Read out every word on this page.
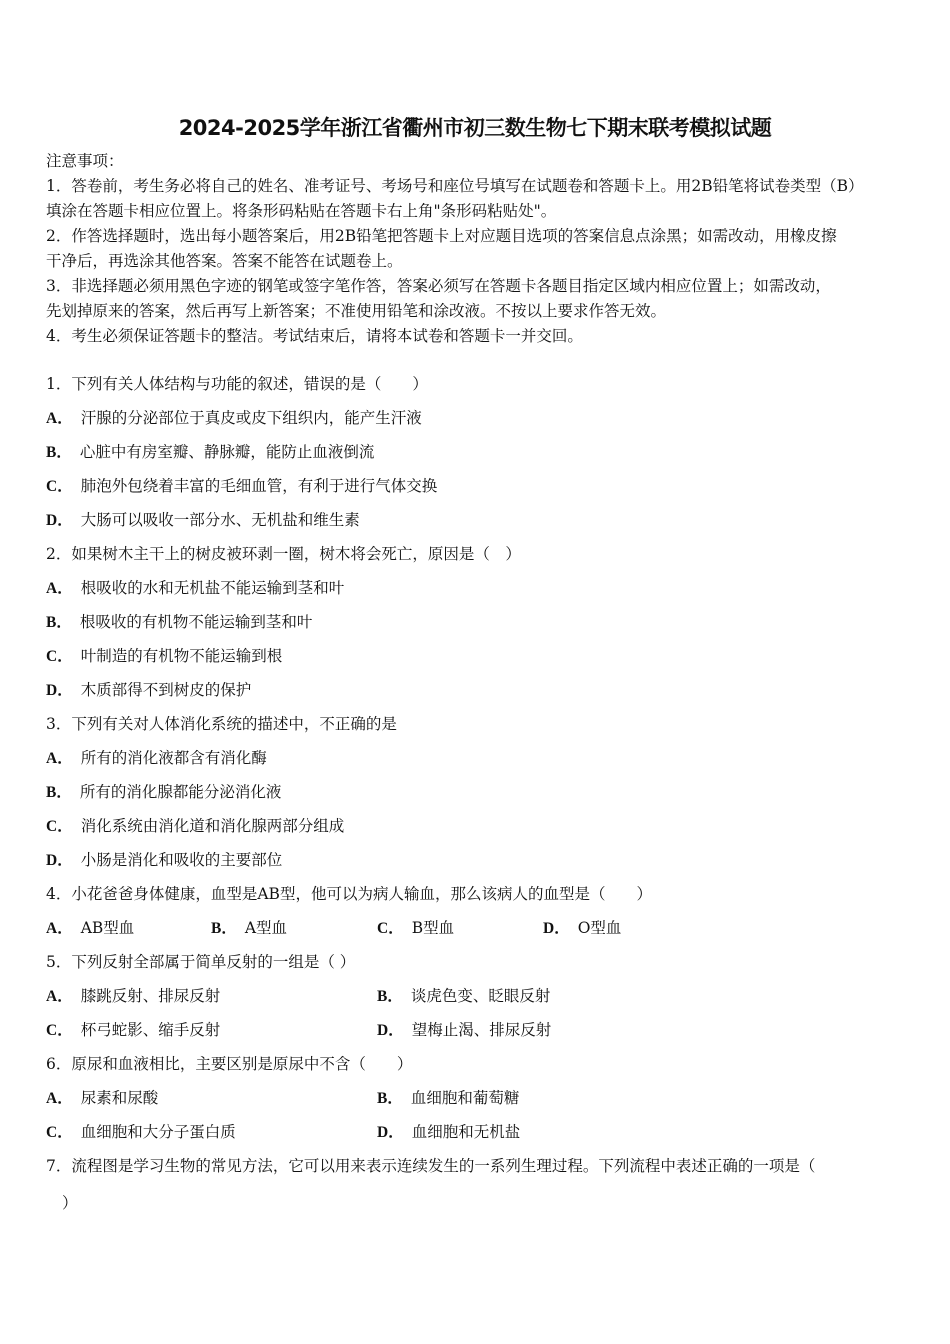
2024-2025学年浙江省衢州市初三数生物七下期末联考模拟试题
注意事项：
1．答卷前，考生务必将自己的姓名、准考证号、考场号和座位号填写在试题卷和答题卡上。用2B铅笔将试卷类型（B）
填涂在答题卡相应位置上。将条形码粘贴在答题卡右上角"条形码粘贴处"。
2．作答选择题时，选出每小题答案后，用2B铅笔把答题卡上对应题目选项的答案信息点涂黑；如需改动，用橡皮擦
干净后，再选涂其他答案。答案不能答在试题卷上。
3．非选择题必须用黑色字迹的钢笔或签字笔作答，答案必须写在答题卡各题目指定区域内相应位置上；如需改动，
先划掉原来的答案，然后再写上新答案；不准使用铅笔和涂改液。不按以上要求作答无效。
4．考生必须保证答题卡的整洁。考试结束后，请将本试卷和答题卡一并交回。
1．下列有关人体结构与功能的叙述，错误的是（　　）
A． 汗腺的分泌部位于真皮或皮下组织内，能产生汗液
B． 心脏中有房室瓣、静脉瓣，能防止血液倒流
C． 肺泡外包绕着丰富的毛细血管，有利于进行气体交换
D． 大肠可以吸收一部分水、无机盐和维生素
2．如果树木主干上的树皮被环剥一圈，树木将会死亡，原因是（　）
A． 根吸收的水和无机盐不能运输到茎和叶
B． 根吸收的有机物不能运输到茎和叶
C． 叶制造的有机物不能运输到根
D． 木质部得不到树皮的保护
3．下列有关对人体消化系统的描述中，不正确的是
A． 所有的消化液都含有消化酶
B． 所有的消化腺都能分泌消化液
C． 消化系统由消化道和消化腺两部分组成
D． 小肠是消化和吸收的主要部位
4．小花爸爸身体健康，血型是AB型，他可以为病人输血，那么该病人的血型是（　　）
A． AB型血	B． A型血	C． B型血	D． O型血
5．下列反射全部属于简单反射的一组是（ ）
A． 膝跳反射、排尿反射	B． 谈虎色变、眨眼反射
C． 杯弓蛇影、缩手反射	D． 望梅止渴、排尿反射
6．原尿和血液相比，主要区别是原尿中不含（　　）
A． 尿素和尿酸	B． 血细胞和葡萄糖
C． 血细胞和大分子蛋白质	D． 血细胞和无机盐
7．流程图是学习生物的常见方法，它可以用来表示连续发生的一系列生理过程。下列流程中表述正确的一项是（
）
